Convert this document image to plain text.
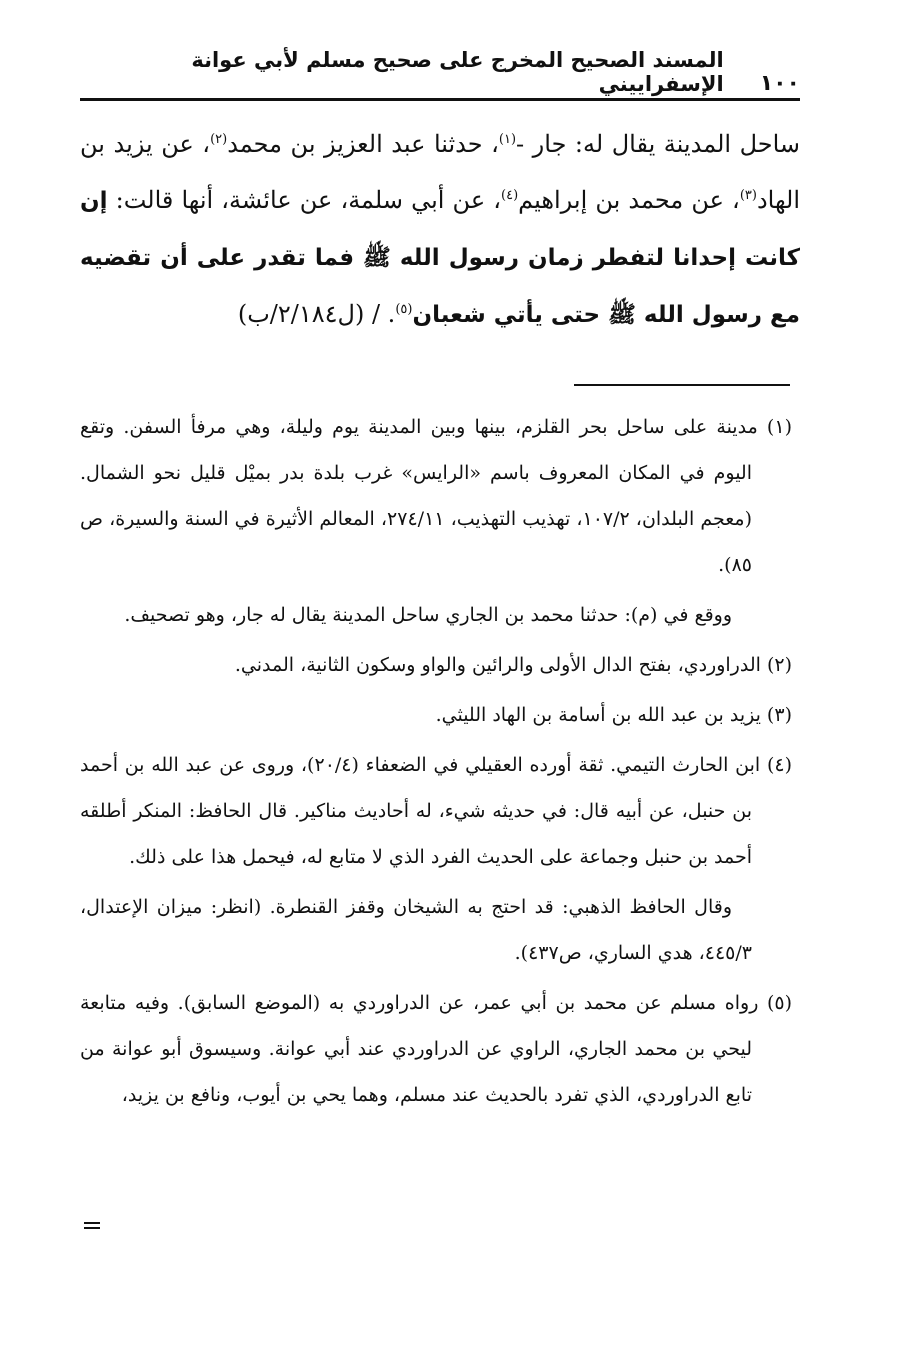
١٠٠
المسند الصحيح المخرج على صحيح مسلم لأبي عوانة الإسفراييني
ساحل المدينة يقال له: جار -$^{(١)}$، حدثنا عبد العزيز بن محمد$^{(٢)}$، عن يزيد بن الهاد$^{(٣)}$، عن محمد بن إبراهيم$^{(٤)}$، عن أبي سلمة، عن عائشة، أنها قالت: إن كانت إحدانا لتفطر زمان رسول الله ﷺ فما تقدر على أن تقضيه مع رسول الله ﷺ حتى يأتي شعبان$^{(٥)}$. / (ل٢/١٨٤/ب)

(١) مدينة على ساحل بحر القلزم، بينها وبين المدينة يوم وليلة، وهي مرفأ السفن. وتقع اليوم في المكان المعروف باسم «الرايس» غرب بلدة بدر بميْل قليل نحو الشمال. (معجم البلدان، ١٠٧/٢، تهذيب التهذيب، ٢٧٤/١١، المعالم الأثيرة في السنة والسيرة، ص ٨٥).

ووقع في (م): حدثنا محمد بن الجاري ساحل المدينة يقال له جار، وهو تصحيف.

(٢) الدراوردي، بفتح الدال الأولى والرائين والواو وسكون الثانية، المدني.

(٣) يزيد بن عبد الله بن أسامة بن الهاد الليثي.

(٤) ابن الحارث التيمي. ثقة أورده العقيلي في الضعفاء (٢٠/٤)، وروى عن عبد الله بن أحمد بن حنبل، عن أبيه قال: في حديثه شيء، له أحاديث مناكير. قال الحافظ: المنكر أطلقه أحمد بن حنبل وجماعة على الحديث الفرد الذي لا متابع له، فيحمل هذا على ذلك.

وقال الحافظ الذهبي: قد احتج به الشيخان وقفز القنطرة. (انظر: ميزان الإعتدال، ٤٤٥/٣، هدي الساري، ص٤٣٧).

(٥) رواه مسلم عن محمد بن أبي عمر، عن الدراوردي به (الموضع السابق). وفيه متابعة ليحي بن محمد الجاري، الراوي عن الدراوردي عند أبي عوانة. وسيسوق أبو عوانة من تابع الدراوردي، الذي تفرد بالحديث عند مسلم، وهما يحي بن أيوب، ونافع بن يزيد،
